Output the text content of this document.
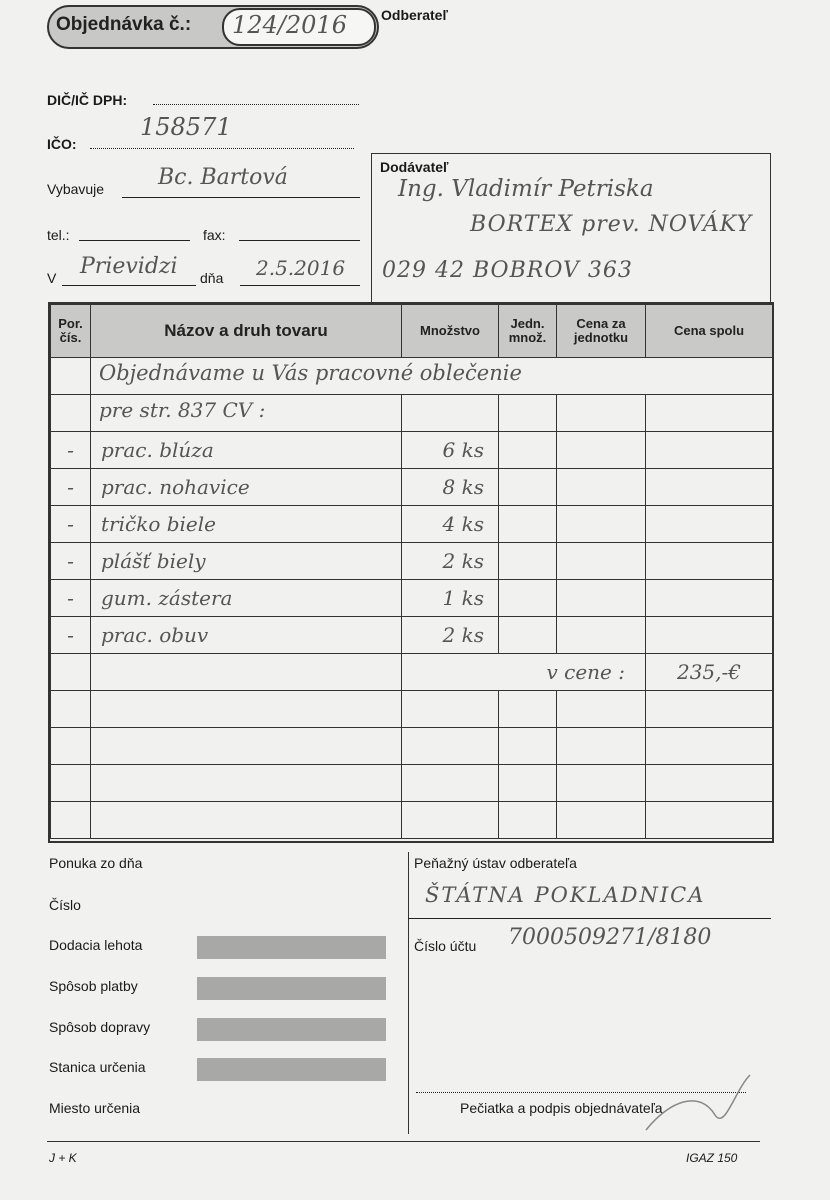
Objednávka č.: 124/2016 Odberateľ
DIČ/IČ DPH:
IČO:
158571
Vybavuje Bc. Bartová
tel.:	fax:
V Prievidzi dňa 2.5.2016
Dodávateľ
Ing. Vladimír Petriska
BORTEX prev. NOVÁKY
029 42 BOBROV 363
Por. čís.	Názov a druh tovaru	Množstvo	Jedn. množ.	Cena za jednotku	Cena spolu

	Objednávame u Vás pracovné oblečenie				

	pre str. 837 CV :				

-	prac. blúza	6 ks			
-	prac. nohavice	8 ks			
-	tričko biele	4 ks			
-	plášť biely	2 ks			
-	gum. zástera	1 ks			
-	prac. obuv	2 ks			
		v cene :			235,-€

Ponuka zo dňa
Číslo
Dodacia lehota
Spôsob platby
Spôsob dopravy
Stanica určenia
Miesto určenia
Peňažný ústav odberateľa
ŠTÁTNA POKLADNICA
Číslo účtu 7000509271/8180
Pečiatka a podpis objednávateľa
J + K	IGAZ 150
